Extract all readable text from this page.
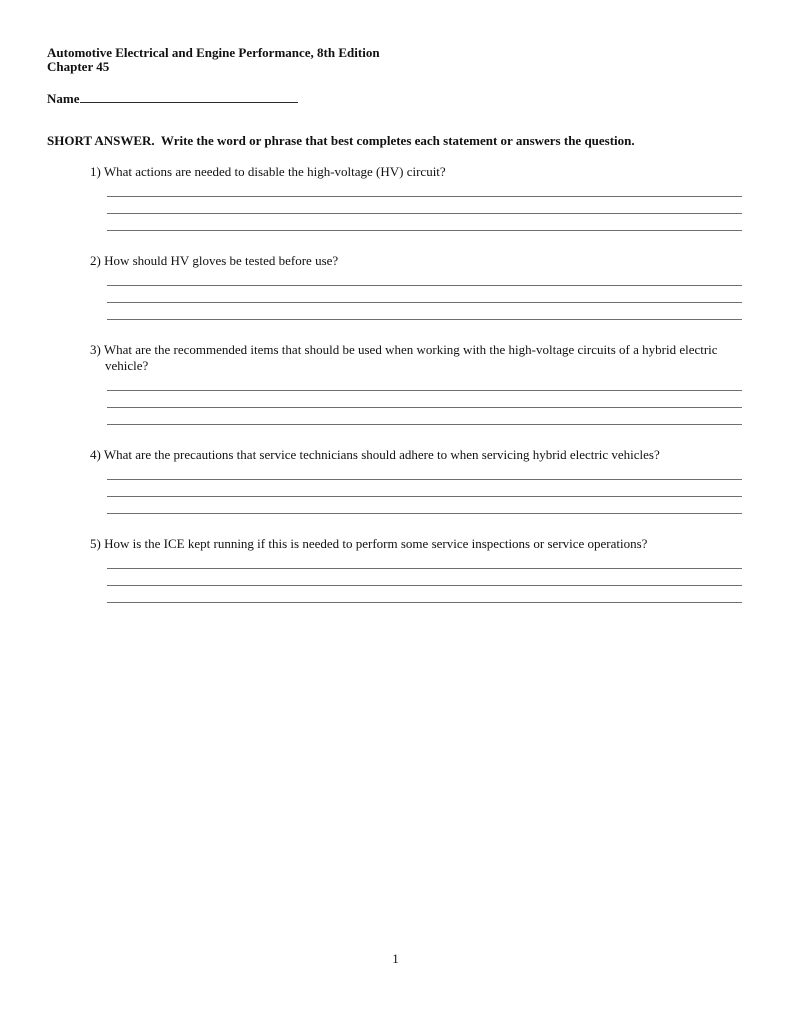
Automotive Electrical and Engine Performance, 8th Edition
Chapter 45
Name
SHORT ANSWER.  Write the word or phrase that best completes each statement or answers the question.
1) What actions are needed to disable the high-voltage (HV) circuit?
2) How should HV gloves be tested before use?
3) What are the recommended items that should be used when working with the high-voltage circuits of a hybrid electric vehicle?
4) What are the precautions that service technicians should adhere to when servicing hybrid electric vehicles?
5) How is the ICE kept running if this is needed to perform some service inspections or service operations?
1
